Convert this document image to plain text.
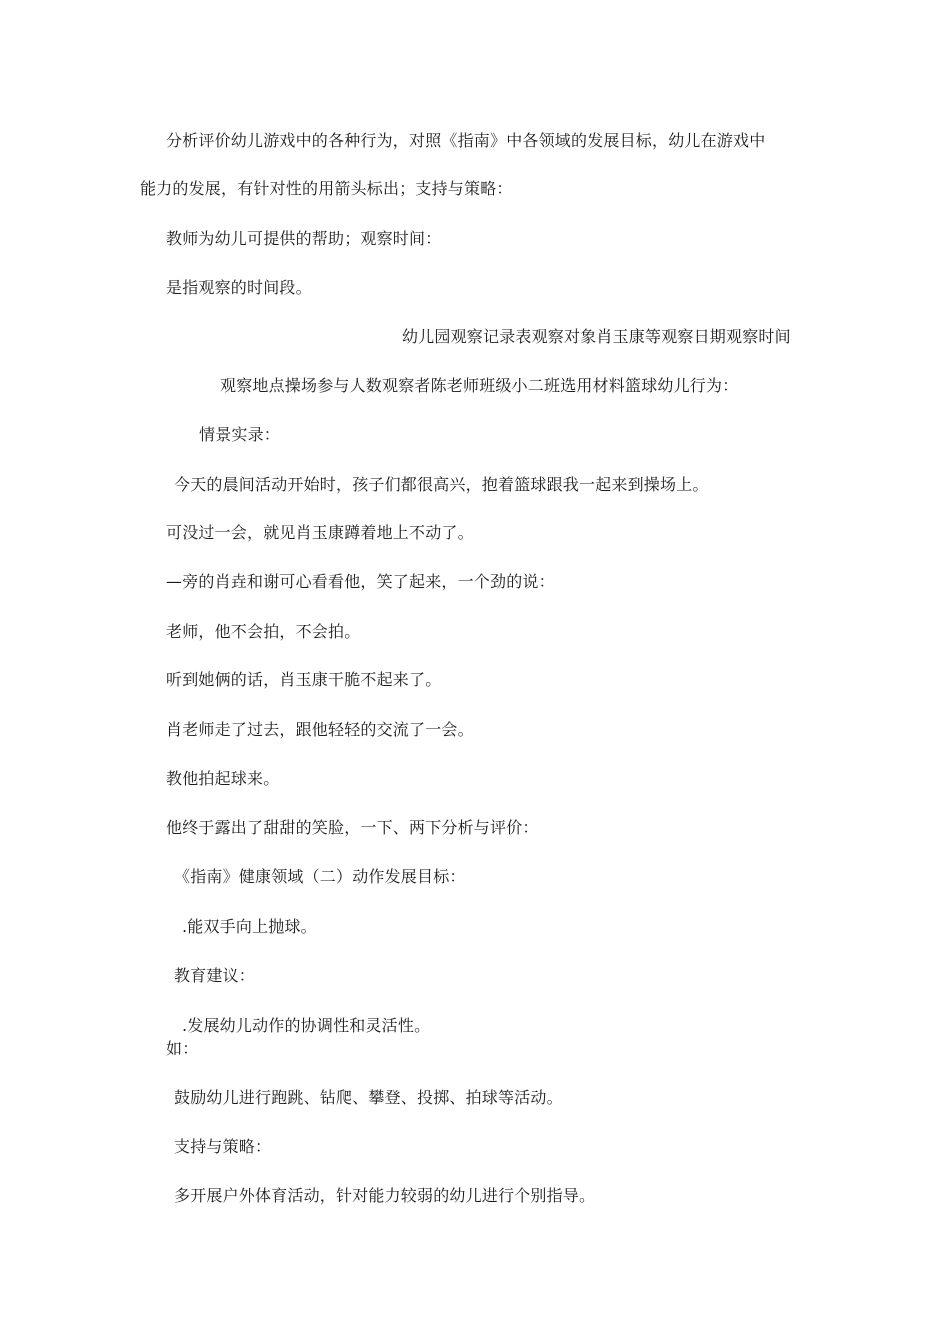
分析评价幼儿游戏中的各种行为，对照《指南》中各领域的发展目标，幼儿在游戏中
能力的发展，有针对性的用箭头标出；支持与策略：
教师为幼儿可提供的帮助；观察时间：
是指观察的时间段。
幼儿园观察记录表观察对象肖玉康等观察日期观察时间
观察地点操场参与人数观察者陈老师班级小二班选用材料篮球幼儿行为：
情景实录：
今天的晨间活动开始时，孩子们都很高兴，抱着篮球跟我一起来到操场上。
可没过一会，就见肖玉康蹲着地上不动了。
—旁的肖垚和谢可心看看他，笑了起来，一个劲的说：
老师，他不会拍，不会拍。
听到她俩的话，肖玉康干脆不起来了。
肖老师走了过去，跟他轻轻的交流了一会。
教他拍起球来。
他终于露出了甜甜的笑脸，一下、两下分析与评价：
《指南》健康领域（二）动作发展目标：
.能双手向上抛球。
教育建议：
.发展幼儿动作的协调性和灵活性。
如：
鼓励幼儿进行跑跳、钻爬、攀登、投掷、拍球等活动。
支持与策略：
多开展户外体育活动，针对能力较弱的幼儿进行个别指导。
